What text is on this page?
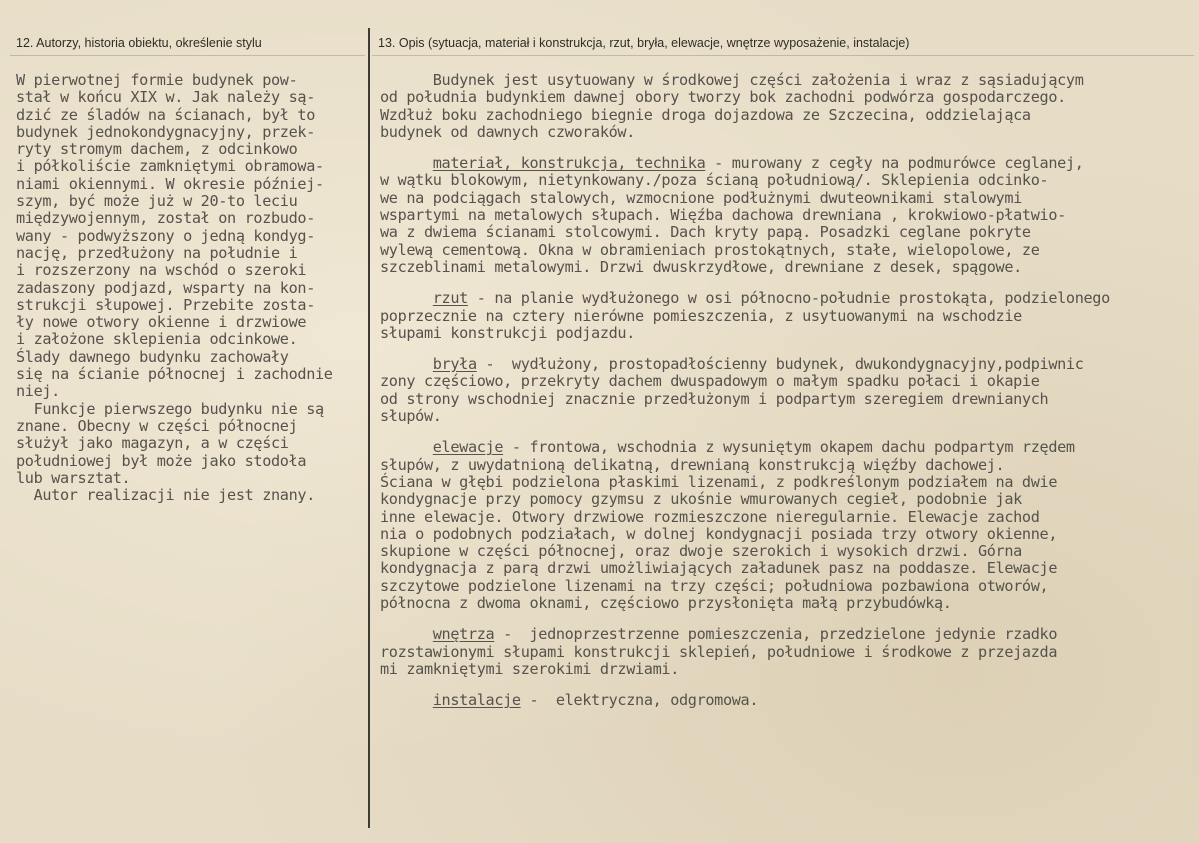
12. Autorzy, historia obiektu, określenie stylu	13. Opis (sytuacja, materiał i konstrukcja, rzut, bryła, elewacje, wnętrze wyposażenie, instalacje)
W pierwotnej formie budynek pow-
stał w końcu XIX w. Jak należy są-
dzić ze śladów na ścianach, był to
budynek jednokondygnacyjny, przek-
ryty stromym dachem, z odcinkowo
i półkoliście zamkniętymi obramowa-
niami okiennymi. W okresie później-
szym, być może już w 20-to leciu
międzywojennym, został on rozbudo-
wany - podwyższony o jedną kondyg-
nację, przedłużony na południe i
i rozszerzony na wschód o szeroki
zadaszony podjazd, wsparty na kon-
strukcji słupowej. Przebite zosta-
ły nowe otwory okienne i drzwiowe
i założone sklepienia odcinkowe.
Ślady dawnego budynku zachowały
się na ścianie północnej i zachodnie
niej.
Funkcje pierwszego budynku nie są
znane. Obecny w części północnej
służył jako magazyn, a w części
południowej był może jako stodoła
lub warsztat.
Autor realizacji nie jest znany.
Budynek jest usytuowany w środkowej części założenia i wraz z sąsiadującym
od południa budynkiem dawnej obory tworzy bok zachodni podwórza gospodarczego.
Wzdłuż boku zachodniego biegnie droga dojazdowa ze Szczecina, oddzielająca
budynek od dawnych czworaków.
materiał, konstrukcja, technika - murowany z cegły na podmurówce ceglanej,
w wątku blokowym, nietynkowany./poza ścianą południową/. Sklepienia odcinko-
we na podciągach stalowych, wzmocnione podłużnymi dwuteownikami stalowymi
wspartymi na metalowych słupach. Więźba dachowa drewniana , krokwiowo-płatwio-
wa z dwiema ścianami stolcowymi. Dach kryty papą. Posadzki ceglane pokryte
wylewą cementową. Okna w obramieniach prostokątnych, stałe, wielopolowe, ze
szczeblinami metalowymi. Drzwi dwuskrzydłowe, drewniane z desek, spągowe.
rzut - na planie wydłużonego w osi północno-południe prostokąta, podzielonego
poprzecznie na cztery nierówne pomieszczenia, z usytuowanymi na wschodzie
słupami konstrukcji podjazdu.
bryła -  wydłużony, prostopadłościenny budynek, dwukondygnacyjny,podpiwnic
zony częściowo, przekryty dachem dwuspadowym o małym spadku połaci i okapie
od strony wschodniej znacznie przedłużonym i podpartym szeregiem drewnianych
słupów.
elewacje - frontowa, wschodnia z wysuniętym okapem dachu podpartym rzędem
słupów, z uwydatnioną delikatną, drewnianą konstrukcją więźby dachowej.
Ściana w głębi podzielona płaskimi lizenami, z podkreślonym podziałem na dwie
kondygnacje przy pomocy gzymsu z ukośnie wmurowanych cegieł, podobnie jak
inne elewacje. Otwory drzwiowe rozmieszczone nieregularnie. Elewacje zachod
nia o podobnych podziałach, w dolnej kondygnacji posiada trzy otwory okienne,
skupione w części północnej, oraz dwoje szerokich i wysokich drzwi. Górna
kondygnacja z parą drzwi umożliwiających załadunek pasz na poddasze. Elewacje
szczytowe podzielone lizenami na trzy części; południowa pozbawiona otworów,
północna z dwoma oknami, częściowo przysłonięta małą przybudówką.
wnętrza -  jednoprzestrzenne pomieszczenia, przedzielone jedynie rzadko
rozstawionymi słupami konstrukcji sklepień, południowe i środkowe z przejazda
mi zamkniętymi szerokimi drzwiami.
instalacje -  elektryczna, odgromowa.
